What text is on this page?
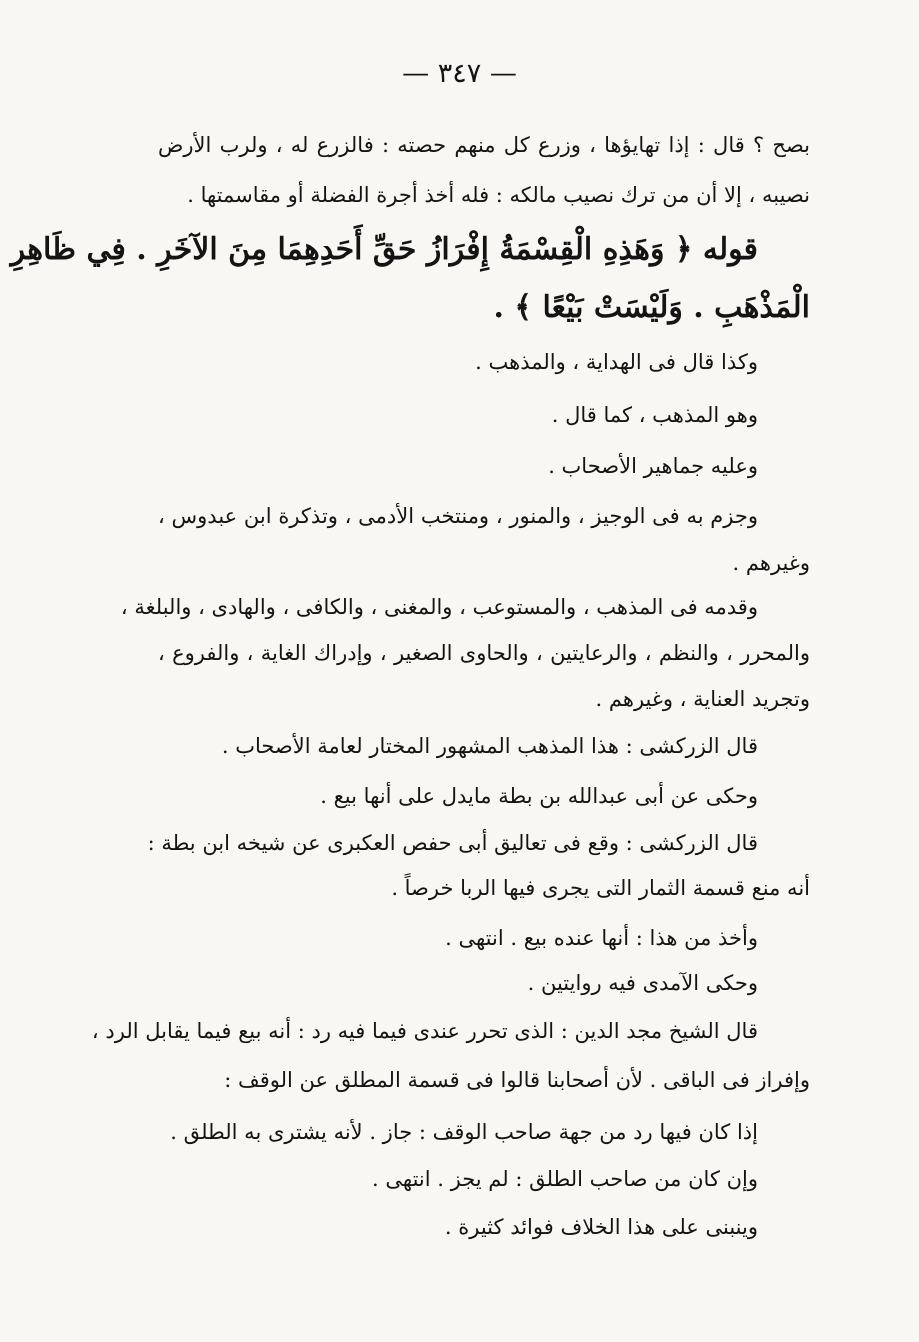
— ٣٤٧ —
بصح ؟ قال : إذا تهايؤها ، وزرع كل منهم حصته : فالزرع له ، ولرب الأرض
نصيبه ، إلا أن من ترك نصيب مالكه : فله أخذ أجرة الفضلة أو مقاسمتها .
قوله ﴿ وَهَذِهِ الْقِسْمَةُ إِفْرَازُ حَقِّ أَحَدِهِمَا مِنَ الآخَرِ . فِي ظَاهِرِ
الْمَذْهَبِ . وَلَيْسَتْ بَيْعًا ﴾ .
وكذا قال فى الهداية ، والمذهب .
وهو المذهب ، كما قال .
وعليه جماهير الأصحاب .
وجزم به فى الوجيز ، والمنور ، ومنتخب الأدمى ، وتذكرة ابن عبدوس ،
وغيرهم .
وقدمه فى المذهب ، والمستوعب ، والمغنى ، والكافى ، والهادى ، والبلغة ،
والمحرر ، والنظم ، والرعايتين ، والحاوى الصغير ، وإدراك الغاية ، والفروع ،
وتجريد العناية ، وغيرهم .
قال الزركشى : هذا المذهب المشهور المختار لعامة الأصحاب .
وحكى عن أبى عبدالله بن بطة مايدل على أنها بيع .
قال الزركشى : وقع فى تعاليق أبى حفص العكبرى عن شيخه ابن بطة :
أنه منع قسمة الثمار التى يجرى فيها الربا خرصاً .
وأخذ من هذا : أنها عنده بيع . انتهى .
وحكى الآمدى فيه روايتين .
قال الشيخ مجد الدين : الذى تحرر عندى فيما فيه رد : أنه بيع فيما يقابل الرد ،
وإفراز فى الباقى . لأن أصحابنا قالوا فى قسمة المطلق عن الوقف :
إذا كان فيها رد من جهة صاحب الوقف : جاز . لأنه يشترى به الطلق .
وإن كان من صاحب الطلق : لم يجز . انتهى .
وينبنى على هذا الخلاف فوائد كثيرة .
